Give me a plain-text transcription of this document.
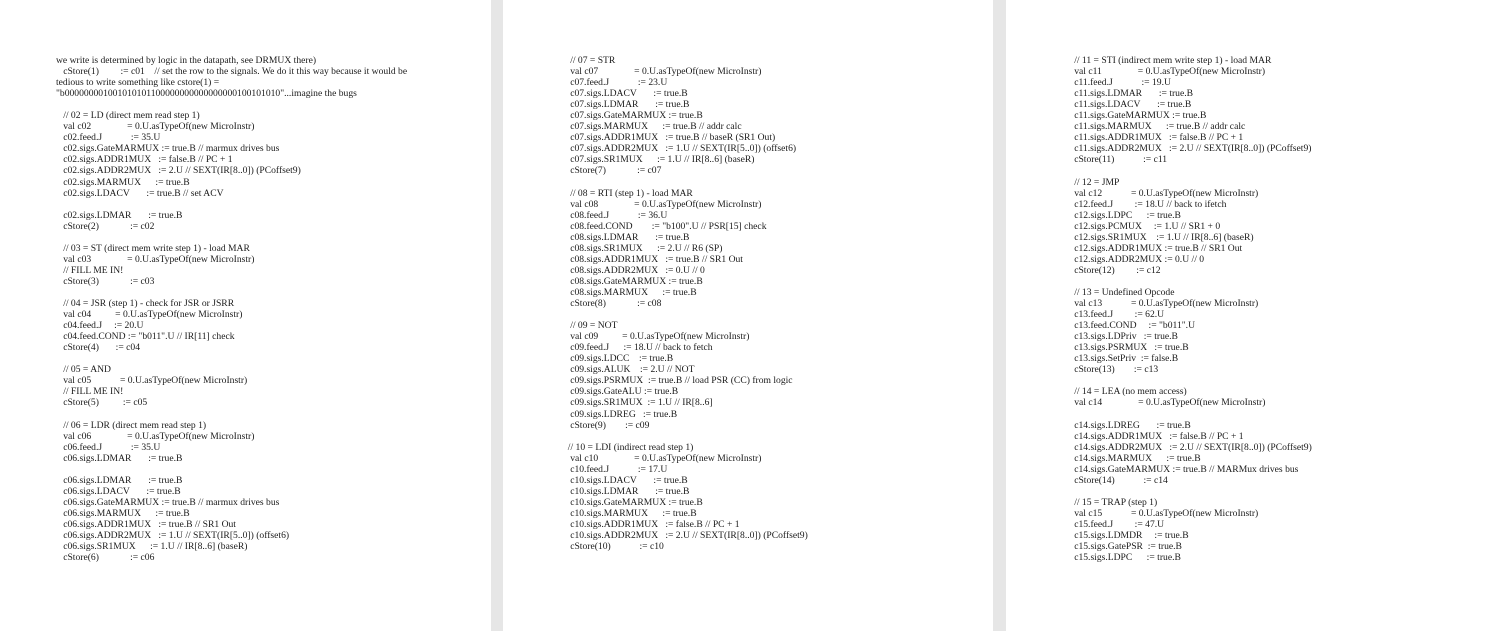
we write is determined by logic in the datapath, see DRMUX there)
cStore(1)         := c01    // set the row to the signals. We do it this way because it would be
tedious to write something like cstore(1) =
"b000000001001010101100000000000000000100101010"...imagine the bugs
// 02 = LD (direct mem read step 1)
val c02               = 0.U.asTypeOf(new MicroInstr)
c02.feed.J            := 35.U
c02.sigs.GateMARMUX := true.B // marmux drives bus
c02.sigs.ADDR1MUX   := false.B // PC + 1
c02.sigs.ADDR2MUX   := 2.U // SEXT(IR[8..0]) (PCoffset9)
c02.sigs.MARMUX      := true.B
c02.sigs.LDACV       := true.B // set ACV
c02.sigs.LDMAR       := true.B
cStore(2)             := c02
// 03 = ST (direct mem write step 1) - load MAR
val c03               = 0.U.asTypeOf(new MicroInstr)
// FILL ME IN!
cStore(3)             := c03
// 04 = JSR (step 1) - check for JSR or JSRR
val c04          = 0.U.asTypeOf(new MicroInstr)
c04.feed.J     := 20.U
c04.feed.COND := "b011".U // IR[11] check
cStore(4)       := c04
// 05 = AND
val c05            = 0.U.asTypeOf(new MicroInstr)
// FILL ME IN!
cStore(5)          := c05
// 06 = LDR (direct mem read step 1)
val c06               = 0.U.asTypeOf(new MicroInstr)
c06.feed.J            := 35.U
c06.sigs.LDMAR       := true.B
c06.sigs.LDMAR       := true.B
c06.sigs.LDACV       := true.B
c06.sigs.GateMARMUX := true.B // marmux drives bus
c06.sigs.MARMUX      := true.B
c06.sigs.ADDR1MUX   := true.B // SR1 Out
c06.sigs.ADDR2MUX   := 1.U // SEXT(IR[5..0]) (offset6)
c06.sigs.SR1MUX      := 1.U // IR[8..6] (baseR)
cStore(6)             := c06
// 07 = STR
val c07               = 0.U.asTypeOf(new MicroInstr)
c07.feed.J            := 23.U
c07.sigs.LDACV       := true.B
c07.sigs.LDMAR       := true.B
c07.sigs.GateMARMUX := true.B
c07.sigs.MARMUX      := true.B // addr calc
c07.sigs.ADDR1MUX   := true.B // baseR (SR1 Out)
c07.sigs.ADDR2MUX   := 1.U // SEXT(IR[5..0]) (offset6)
c07.sigs.SR1MUX      := 1.U // IR[8..6] (baseR)
cStore(7)             := c07
// 08 = RTI (step 1) - load MAR
val c08               = 0.U.asTypeOf(new MicroInstr)
c08.feed.J            := 36.U
c08.feed.COND        := "b100".U // PSR[15] check
c08.sigs.LDMAR       := true.B
c08.sigs.SR1MUX      := 2.U // R6 (SP)
c08.sigs.ADDR1MUX   := true.B // SR1 Out
c08.sigs.ADDR2MUX   := 0.U // 0
c08.sigs.GateMARMUX := true.B
c08.sigs.MARMUX      := true.B
cStore(8)             := c08
// 09 = NOT
val c09          = 0.U.asTypeOf(new MicroInstr)
c09.feed.J      := 18.U // back to fetch
c09.sigs.LDCC    := true.B
c09.sigs.ALUK    := 2.U // NOT
c09.sigs.PSRMUX  := true.B // load PSR (CC) from logic
c09.sigs.GateALU := true.B
c09.sigs.SR1MUX  := 1.U // IR[8..6]
c09.sigs.LDREG   := true.B
cStore(9)        := c09
// 10 = LDI (indirect read step 1)
val c10               = 0.U.asTypeOf(new MicroInstr)
c10.feed.J            := 17.U
c10.sigs.LDACV       := true.B
c10.sigs.LDMAR       := true.B
c10.sigs.GateMARMUX := true.B
c10.sigs.MARMUX      := true.B
c10.sigs.ADDR1MUX   := false.B // PC + 1
c10.sigs.ADDR2MUX   := 2.U // SEXT(IR[8..0]) (PCoffset9)
cStore(10)            := c10
// 11 = STI (indirect mem write step 1) - load MAR
val c11               = 0.U.asTypeOf(new MicroInstr)
c11.feed.J            := 19.U
c11.sigs.LDMAR       := true.B
c11.sigs.LDACV       := true.B
c11.sigs.GateMARMUX := true.B
c11.sigs.MARMUX      := true.B // addr calc
c11.sigs.ADDR1MUX   := false.B // PC + 1
c11.sigs.ADDR2MUX   := 2.U // SEXT(IR[8..0]) (PCoffset9)
cStore(11)            := c11
// 12 = JMP
val c12            = 0.U.asTypeOf(new MicroInstr)
c12.feed.J         := 18.U // back to ifetch
c12.sigs.LDPC      := true.B
c12.sigs.PCMUX     := 1.U // SR1 + 0
c12.sigs.SR1MUX    := 1.U // IR[8..6] (baseR)
c12.sigs.ADDR1MUX := true.B // SR1 Out
c12.sigs.ADDR2MUX := 0.U // 0
cStore(12)         := c12
// 13 = Undefined Opcode
val c13            = 0.U.asTypeOf(new MicroInstr)
c13.feed.J         := 62.U
c13.feed.COND     := "b011".U
c13.sigs.LDPriv   := true.B
c13.sigs.PSRMUX   := true.B
c13.sigs.SetPriv  := false.B
cStore(13)        := c13
// 14 = LEA (no mem access)
val c14               = 0.U.asTypeOf(new MicroInstr)
c14.sigs.LDREG       := true.B
c14.sigs.ADDR1MUX   := false.B // PC + 1
c14.sigs.ADDR2MUX   := 2.U // SEXT(IR[8..0]) (PCoffset9)
c14.sigs.MARMUX      := true.B
c14.sigs.GateMARMUX := true.B // MARMux drives bus
cStore(14)            := c14
// 15 = TRAP (step 1)
val c15            = 0.U.asTypeOf(new MicroInstr)
c15.feed.J         := 47.U
c15.sigs.LDMDR     := true.B
c15.sigs.GatePSR  := true.B
c15.sigs.LDPC      := true.B
